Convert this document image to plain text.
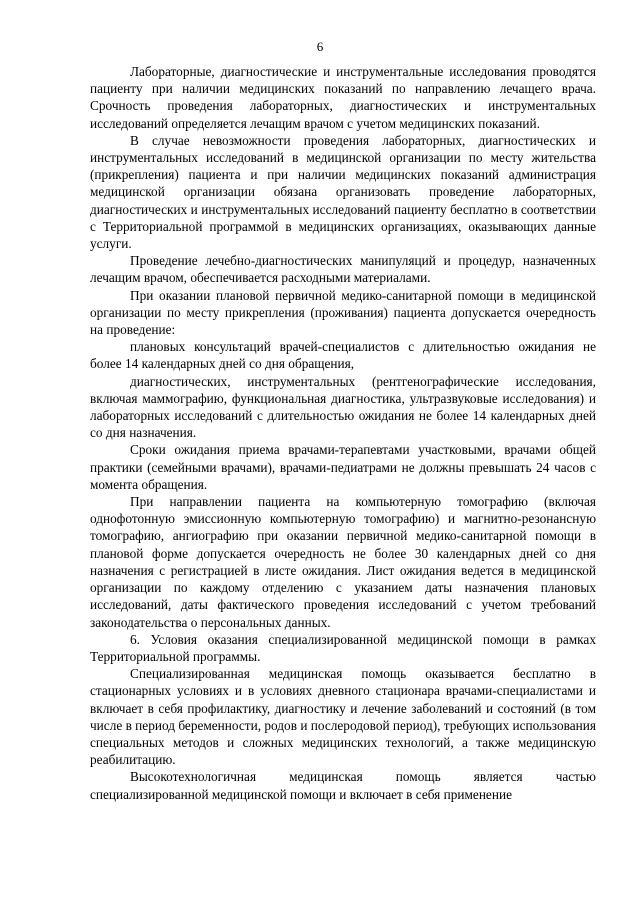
6

Лабораторные, диагностические и инструментальные исследования проводятся пациенту при наличии медицинских показаний по направлению лечащего врача. Срочность проведения лабораторных, диагностических и инструментальных исследований определяется лечащим врачом с учетом медицинских показаний.

В случае невозможности проведения лабораторных, диагностических и инструментальных исследований в медицинской организации по месту жительства (прикрепления) пациента и при наличии медицинских показаний администрация медицинской организации обязана организовать проведение лабораторных, диагностических и инструментальных исследований пациенту бесплатно в соответствии с Территориальной программой в медицинских организациях, оказывающих данные услуги.

Проведение лечебно-диагностических манипуляций и процедур, назначенных лечащим врачом, обеспечивается расходными материалами.

При оказании плановой первичной медико-санитарной помощи в медицинской организации по месту прикрепления (проживания) пациента допускается очередность на проведение:

плановых консультаций врачей-специалистов с длительностью ожидания не более 14 календарных дней со дня обращения,

диагностических, инструментальных (рентгенографические исследования, включая маммографию, функциональная диагностика, ультразвуковые исследования) и лабораторных исследований с длительностью ожидания не более 14 календарных дней со дня назначения.

Сроки ожидания приема врачами-терапевтами участковыми, врачами общей практики (семейными врачами), врачами-педиатрами не должны превышать 24 часов с момента обращения.

При направлении пациента на компьютерную томографию (включая однофотонную эмиссионную компьютерную томографию) и магнитно-резонансную томографию, ангиографию при оказании первичной медико-санитарной помощи в плановой форме допускается очередность не более 30 календарных дней со дня назначения с регистрацией в листе ожидания. Лист ожидания ведется в медицинской организации по каждому отделению с указанием даты назначения плановых исследований, даты фактического проведения исследований с учетом требований законодательства о персональных данных.

6. Условия оказания специализированной медицинской помощи в рамках Территориальной программы.

Специализированная медицинская помощь оказывается бесплатно в стационарных условиях и в условиях дневного стационара врачами-специалистами и включает в себя профилактику, диагностику и лечение заболеваний и состояний (в том числе в период беременности, родов и послеродовой период), требующих использования специальных методов и сложных медицинских технологий, а также медицинскую реабилитацию.

Высокотехнологичная медицинская помощь является частью специализированной медицинской помощи и включает в себя применение
